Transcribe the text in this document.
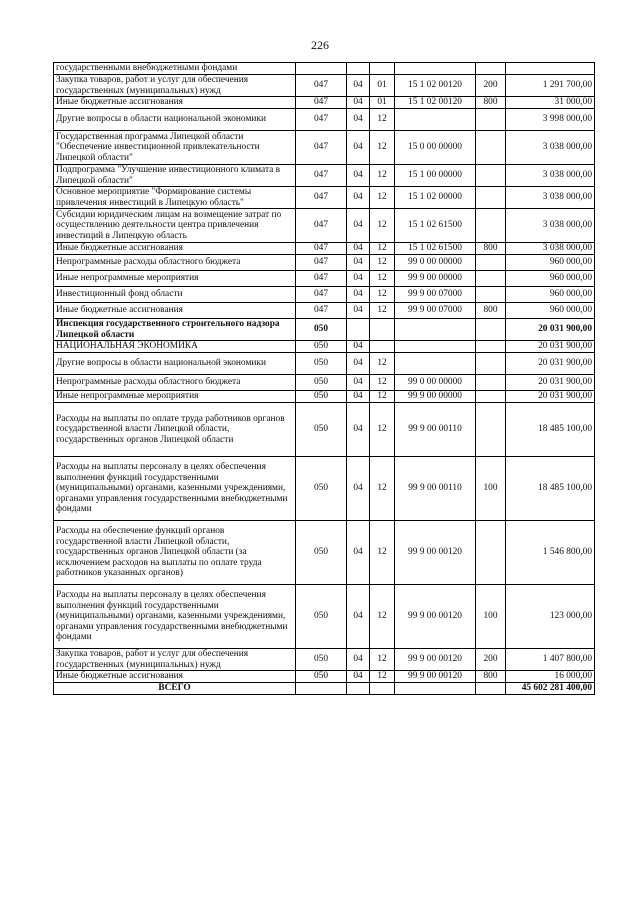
226
государственными внебюджетными фондами						
Закупка товаров, работ и услуг для обеспечения государственных (муниципальных) нужд	047	04	01	15 1 02 00120	200	1 291 700,00
Иные бюджетные ассигнования	047	04	01	15 1 02 00120	800	31 000,00
Другие вопросы в области национальной экономики	047	04	12			3 998 000,00
Государственная программа Липецкой области "Обеспечение инвестиционной привлекательности Липецкой области"	047	04	12	15 0 00 00000		3 038 000,00
Подпрограмма "Улучшение инвестиционного климата в Липецкой области"	047	04	12	15 1 00 00000		3 038 000,00
Основное мероприятие "Формирование системы привлечения инвестиций в Липецкую область"	047	04	12	15 1 02 00000		3 038 000,00
Субсидии юридическим лицам на возмещение затрат по осуществлению деятельности центра привлечения инвестиций в Липецкую область	047	04	12	15 1 02 61500		3 038 000,00
Иные бюджетные ассигнования	047	04	12	15 1 02 61500	800	3 038 000,00
Непрограммные расходы областного бюджета	047	04	12	99 0 00 00000		960 000,00
Иные непрограммные мероприятия	047	04	12	99 9 00 00000		960 000,00
Инвестиционный фонд области	047	04	12	99 9 00 07000		960 000,00
Иные бюджетные ассигнования	047	04	12	99 9 00 07000	800	960 000,00
Инспекция государственного строительного надзора Липецкой области	050					20 031 900,00
НАЦИОНАЛЬНАЯ ЭКОНОМИКА	050	04				20 031 900,00
Другие вопросы в области национальной экономики	050	04	12			20 031 900,00
Непрограммные расходы областного бюджета	050	04	12	99 0 00 00000		20 031 900,00
Иные непрограммные мероприятия	050	04	12	99 9 00 00000		20 031 900,00
Расходы на выплаты по оплате труда работников органов государственной власти Липецкой области, государственных органов Липецкой области	050	04	12	99 9 00 00110		18 485 100,00
Расходы на выплаты персоналу в целях обеспечения выполнения функций государственными (муниципальными) органами, казенными учреждениями, органами управления государственными внебюджетными фондами	050	04	12	99 9 00 00110	100	18 485 100,00
Расходы на обеспечение функций органов государственной власти Липецкой области, государственных органов Липецкой области (за исключением расходов на выплаты по оплате труда работников указанных органов)	050	04	12	99 9 00 00120		1 546 800,00
Расходы на выплаты персоналу в целях обеспечения выполнения функций государственными (муниципальными) органами, казенными учреждениями, органами управления государственными внебюджетными фондами	050	04	12	99 9 00 00120	100	123 000,00
Закупка товаров, работ и услуг для обеспечения государственных (муниципальных) нужд	050	04	12	99 9 00 00120	200	1 407 800,00
Иные бюджетные ассигнования	050	04	12	99 9 00 00120	800	16 000,00
ВСЕГО						45 602 281 400,00
